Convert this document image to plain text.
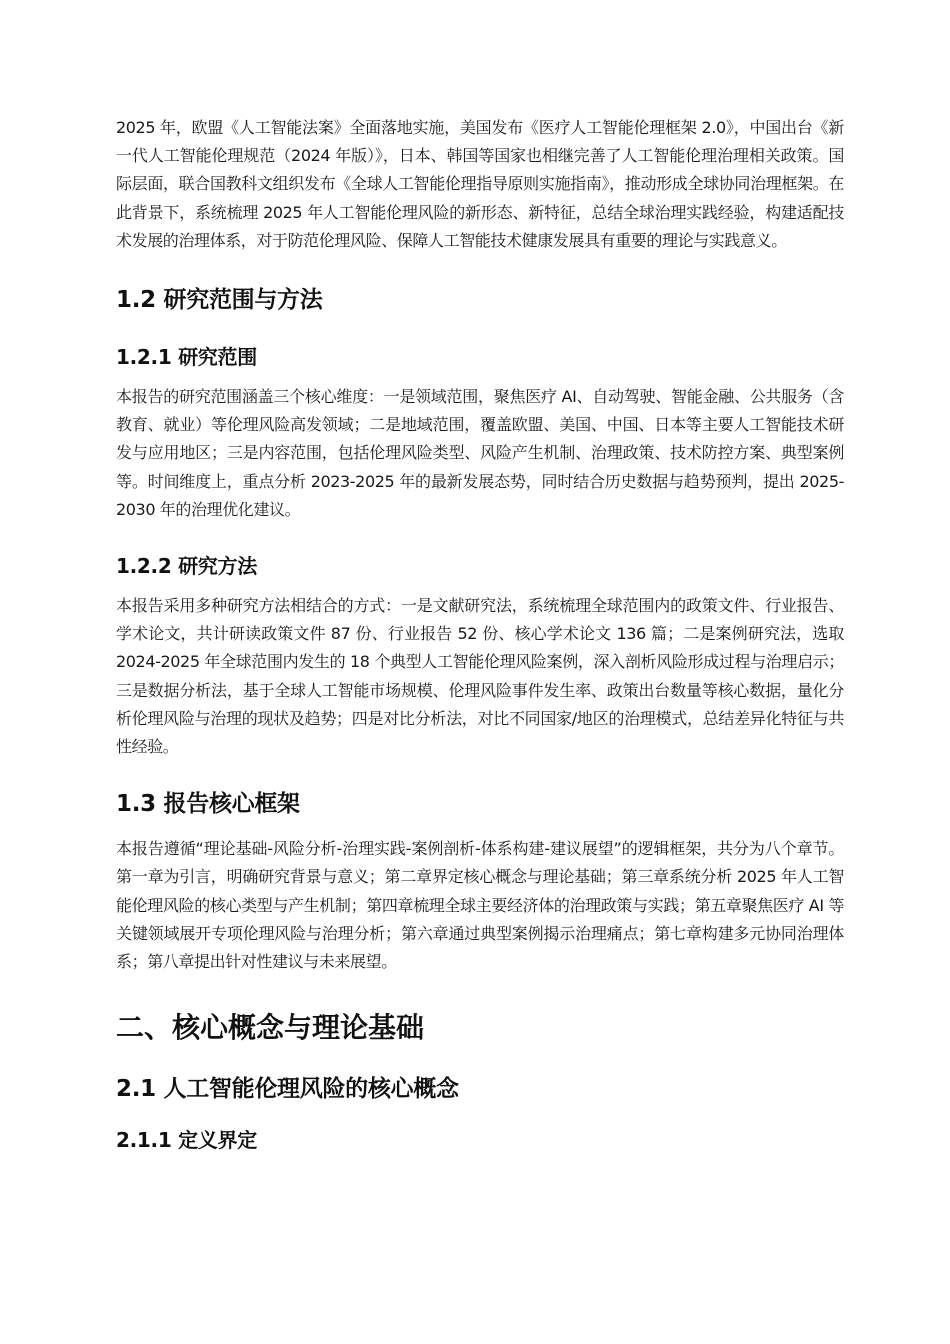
2025 年，欧盟《人工智能法案》全面落地实施，美国发布《医疗人工智能伦理框架 2.0》，中国出台《新一代人工智能伦理规范（2024 年版）》，日本、韩国等国家也相继完善了人工智能伦理治理相关政策。国际层面，联合国教科文组织发布《全球人工智能伦理指导原则实施指南》，推动形成全球协同治理框架。在此背景下，系统梳理 2025 年人工智能伦理风险的新形态、新特征，总结全球治理实践经验，构建适配技术发展的治理体系，对于防范伦理风险、保障人工智能技术健康发展具有重要的理论与实践意义。

1.2 研究范围与方法
1.2.1 研究范围

本报告的研究范围涵盖三个核心维度：一是领域范围，聚焦医疗 AI、自动驾驶、智能金融、公共服务（含教育、就业）等伦理风险高发领域；二是地域范围，覆盖欧盟、美国、中国、日本等主要人工智能技术研发与应用地区；三是内容范围，包括伦理风险类型、风险产生机制、治理政策、技术防控方案、典型案例等。时间维度上，重点分析 2023-2025 年的最新发展态势，同时结合历史数据与趋势预判，提出 2025-2030 年的治理优化建议。

1.2.2 研究方法

本报告采用多种研究方法相结合的方式：一是文献研究法，系统梳理全球范围内的政策文件、行业报告、学术论文，共计研读政策文件 87 份、行业报告 52 份、核心学术论文 136 篇；二是案例研究法，选取 2024-2025 年全球范围内发生的 18 个典型人工智能伦理风险案例，深入剖析风险形成过程与治理启示；三是数据分析法，基于全球人工智能市场规模、伦理风险事件发生率、政策出台数量等核心数据，量化分析伦理风险与治理的现状及趋势；四是对比分析法，对比不同国家/地区的治理模式，总结差异化特征与共性经验。

1.3 报告核心框架

本报告遵循“理论基础-风险分析-治理实践-案例剖析-体系构建-建议展望”的逻辑框架，共分为八个章节。第一章为引言，明确研究背景与意义；第二章界定核心概念与理论基础；第三章系统分析 2025 年人工智能伦理风险的核心类型与产生机制；第四章梳理全球主要经济体的治理政策与实践；第五章聚焦医疗 AI 等关键领域展开专项伦理风险与治理分析；第六章通过典型案例揭示治理痛点；第七章构建多元协同治理体系；第八章提出针对性建议与未来展望。

二、核心概念与理论基础
2.1 人工智能伦理风险的核心概念
2.1.1 定义界定
